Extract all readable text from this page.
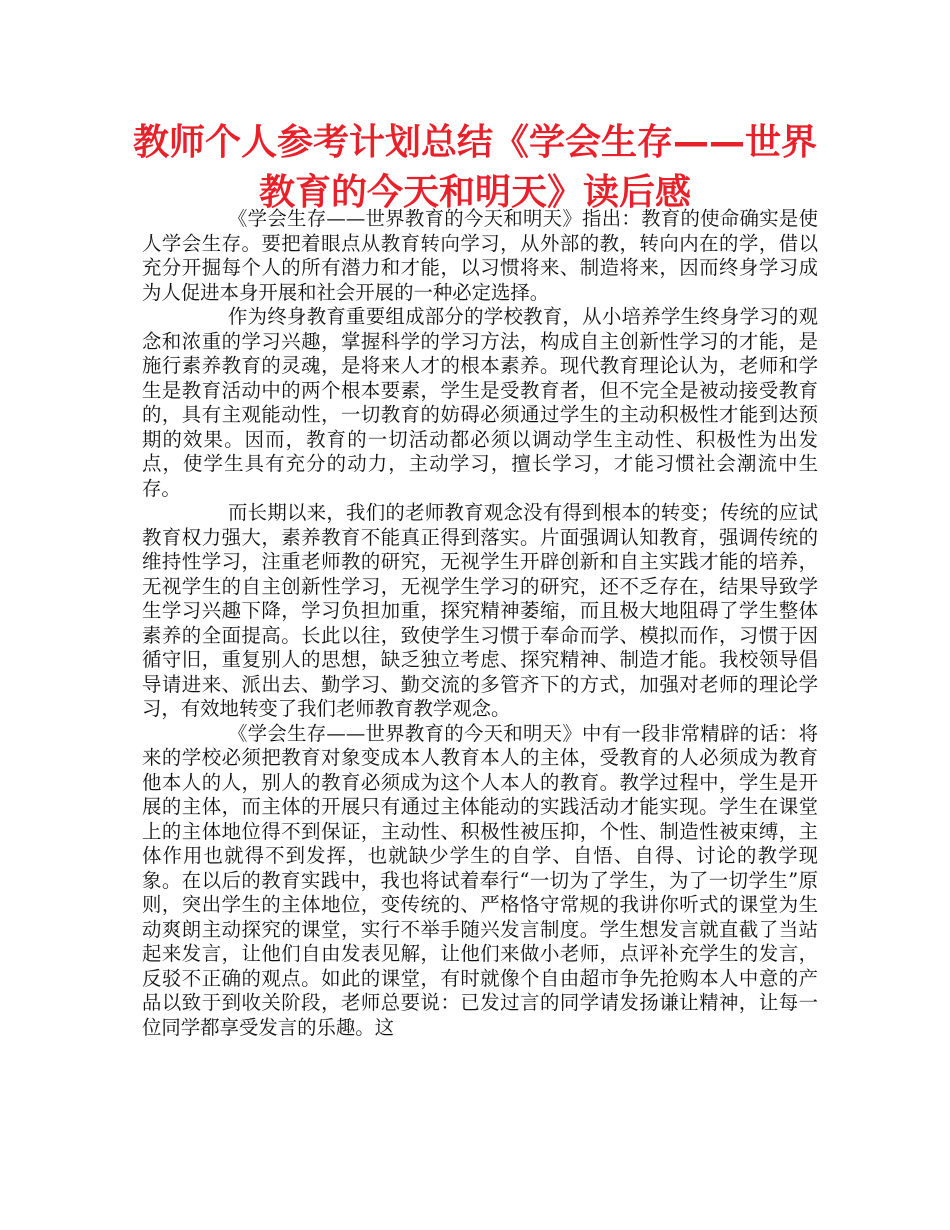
教师个人参考计划总结《学会生存——世界教育的今天和明天》读后感

《学会生存——世界教育的今天和明天》指出：教育的使命确实是使人学会生存。要把着眼点从教育转向学习，从外部的教，转向内在的学，借以充分开掘每个人的所有潜力和才能，以习惯将来、制造将来，因而终身学习成为人促进本身开展和社会开展的一种必定选择。

作为终身教育重要组成部分的学校教育，从小培养学生终身学习的观念和浓重的学习兴趣，掌握科学的学习方法，构成自主创新性学习的才能，是施行素养教育的灵魂，是将来人才的根本素养。现代教育理论认为，老师和学生是教育活动中的两个根本要素，学生是受教育者，但不完全是被动接受教育的，具有主观能动性，一切教育的妨碍必须通过学生的主动积极性才能到达预期的效果。因而，教育的一切活动都必须以调动学生主动性、积极性为出发点，使学生具有充分的动力，主动学习，擅长学习，才能习惯社会潮流中生存。

而长期以来，我们的老师教育观念没有得到根本的转变；传统的应试教育权力强大，素养教育不能真正得到落实。片面强调认知教育，强调传统的维持性学习，注重老师教的研究，无视学生开辟创新和自主实践才能的培养，无视学生的自主创新性学习，无视学生学习的研究，还不乏存在，结果导致学生学习兴趣下降，学习负担加重，探究精神萎缩，而且极大地阻碍了学生整体素养的全面提高。长此以往，致使学生习惯于奉命而学、模拟而作，习惯于因循守旧，重复别人的思想，缺乏独立考虑、探究精神、制造才能。我校领导倡导请进来、派出去、勤学习、勤交流的多管齐下的方式，加强对老师的理论学习，有效地转变了我们老师教育教学观念。

《学会生存——世界教育的今天和明天》中有一段非常精辟的话：将来的学校必须把教育对象变成本人教育本人的主体，受教育的人必须成为教育他本人的人，别人的教育必须成为这个人本人的教育。教学过程中，学生是开展的主体，而主体的开展只有通过主体能动的实践活动才能实现。学生在课堂上的主体地位得不到保证，主动性、积极性被压抑，个性、制造性被束缚，主体作用也就得不到发挥，也就缺少学生的自学、自悟、自得、讨论的教学现象。在以后的教育实践中，我也将试着奉行“一切为了学生，为了一切学生”原则，突出学生的主体地位，变传统的、严格恪守常规的我讲你听式的课堂为生动爽朗主动探究的课堂，实行不举手随兴发言制度。学生想发言就直截了当站起来发言，让他们自由发表见解，让他们来做小老师，点评补充学生的发言，反驳不正确的观点。如此的课堂，有时就像个自由超市争先抢购本人中意的产品以致于到收关阶段，老师总要说：已发过言的同学请发扬谦让精神，让每一位同学都享受发言的乐趣。这
